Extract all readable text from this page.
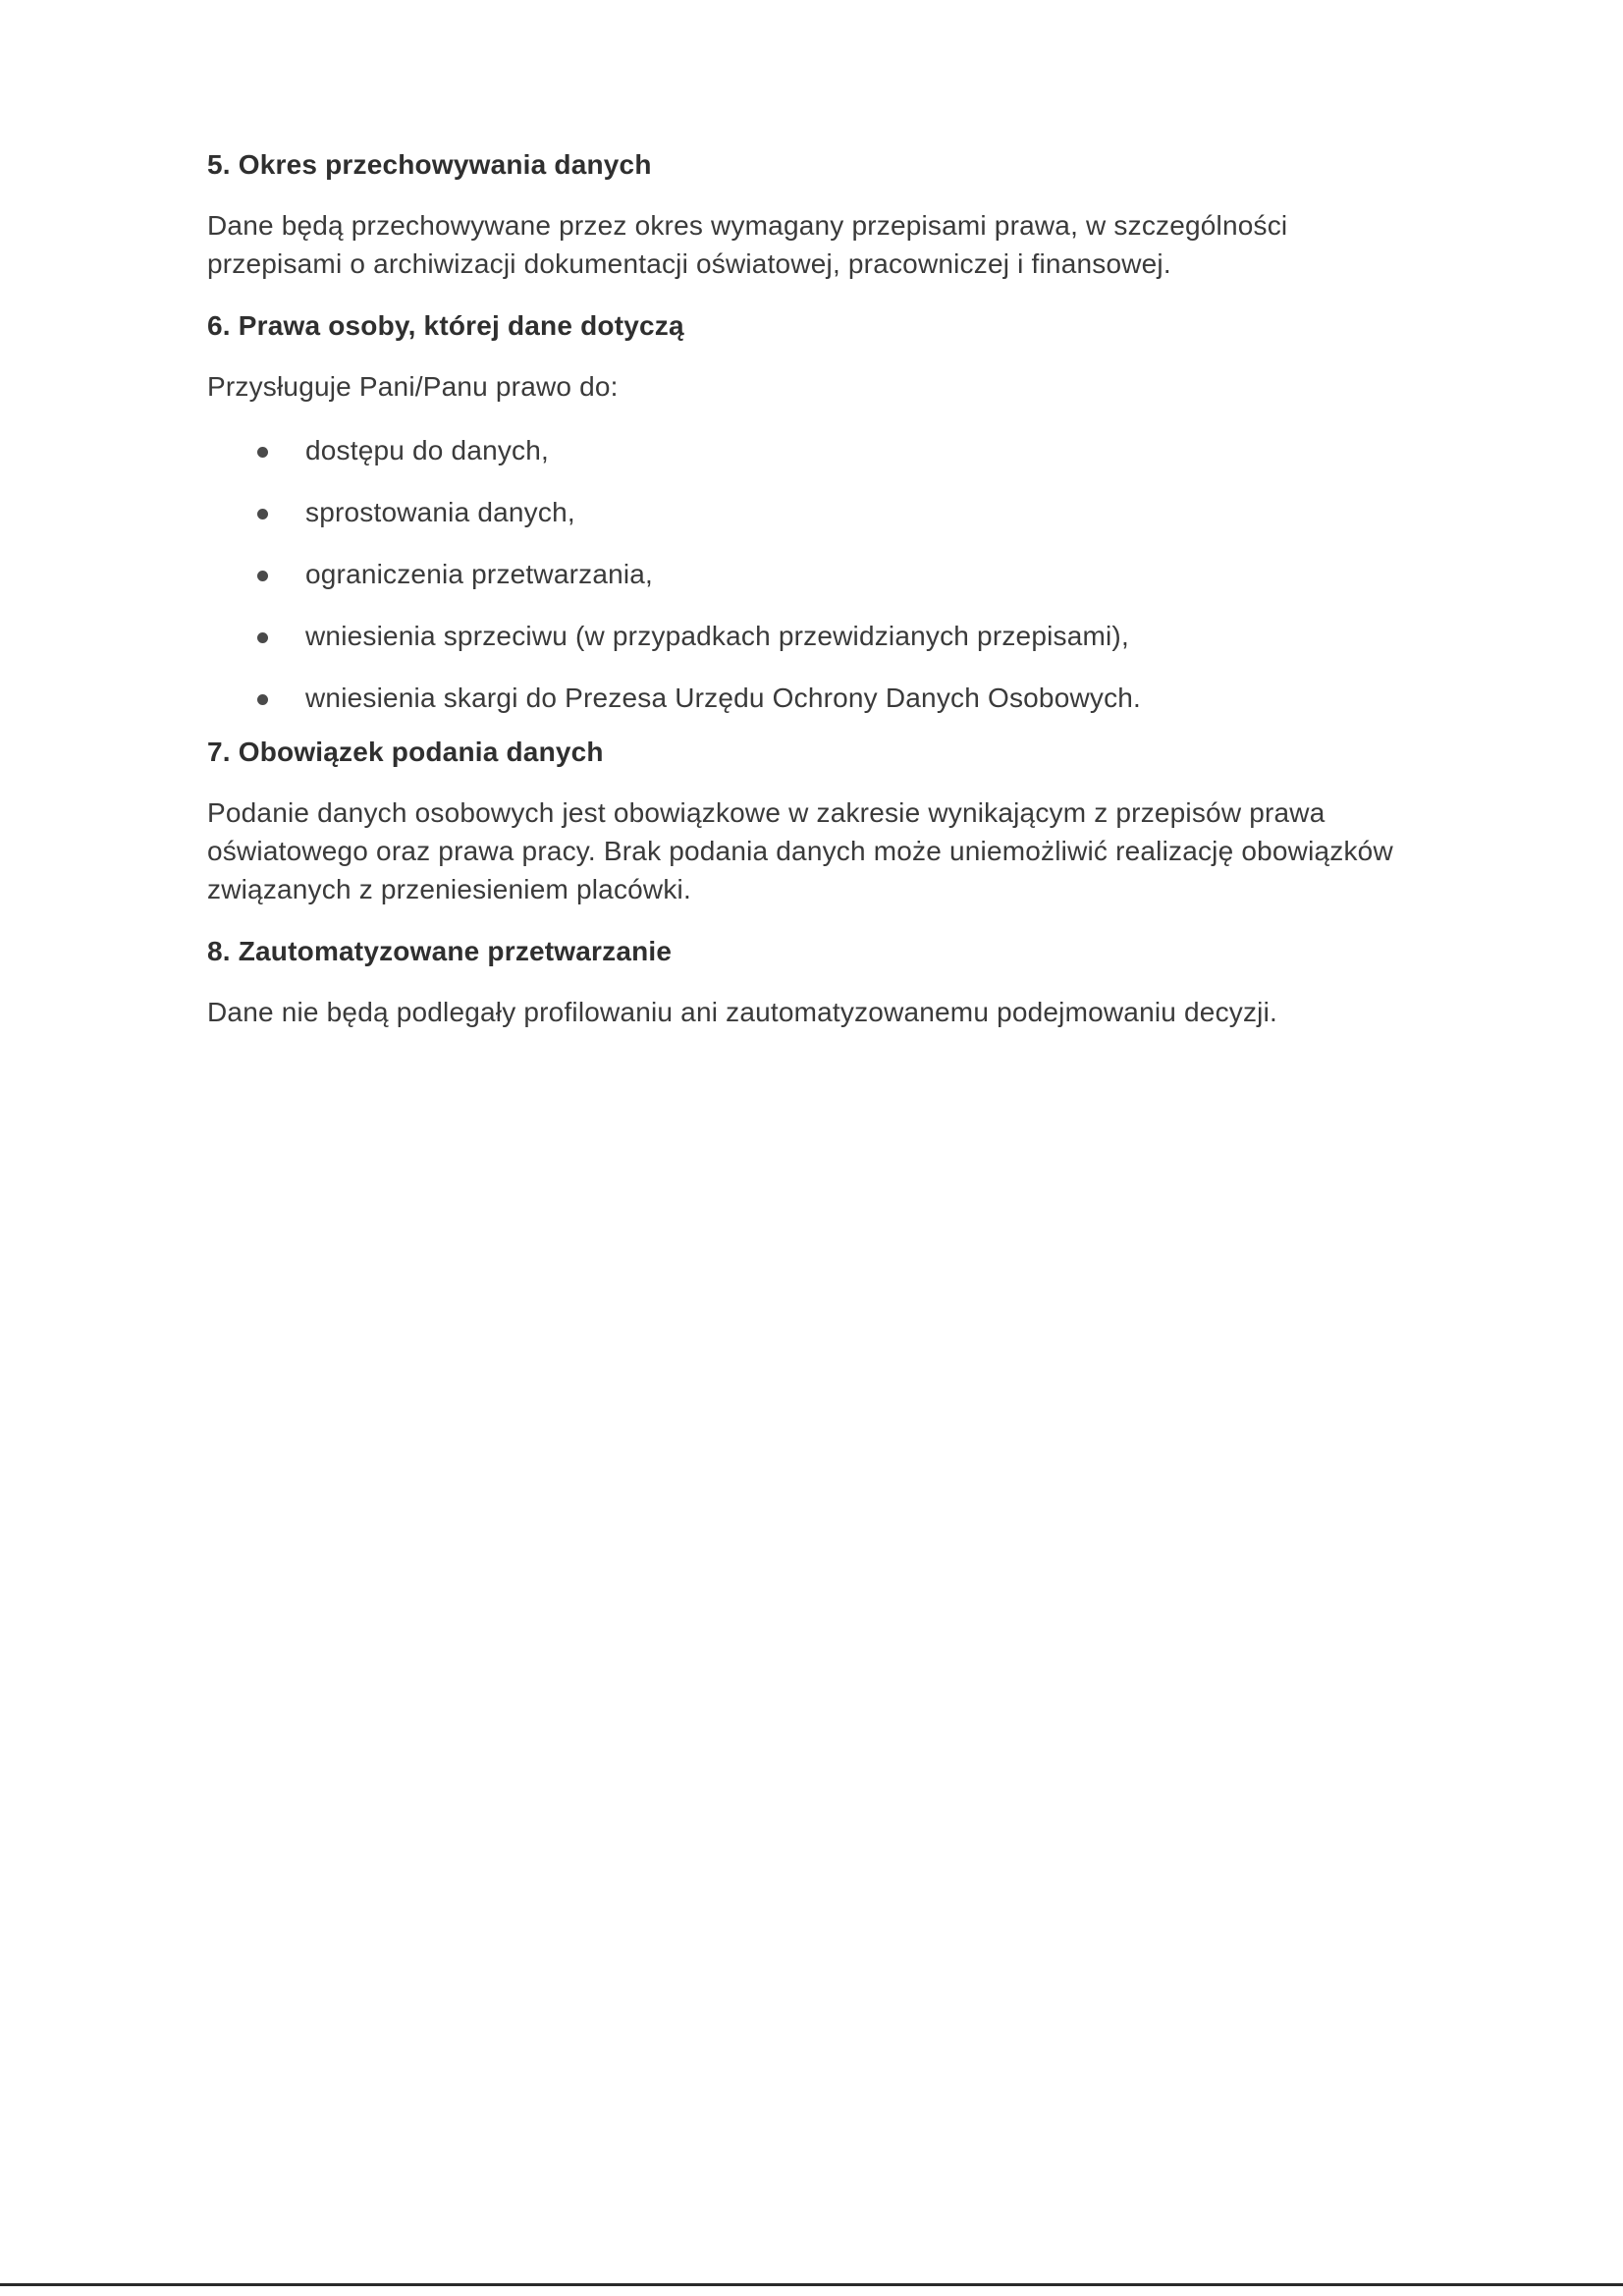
5. Okres przechowywania danych
Dane będą przechowywane przez okres wymagany przepisami prawa, w szczególności
przepisami o archiwizacji dokumentacji oświatowej, pracowniczej i finansowej.
6. Prawa osoby, której dane dotyczą
Przysługuje Pani/Panu prawo do:
dostępu do danych,
sprostowania danych,
ograniczenia przetwarzania,
wniesienia sprzeciwu (w przypadkach przewidzianych przepisami),
wniesienia skargi do Prezesa Urzędu Ochrony Danych Osobowych.
7. Obowiązek podania danych
Podanie danych osobowych jest obowiązkowe w zakresie wynikającym z przepisów prawa
oświatowego oraz prawa pracy. Brak podania danych może uniemożliwić realizację obowiązków
związanych z przeniesieniem placówki.
8. Zautomatyzowane przetwarzanie
Dane nie będą podlegały profilowaniu ani zautomatyzowanemu podejmowaniu decyzji.
